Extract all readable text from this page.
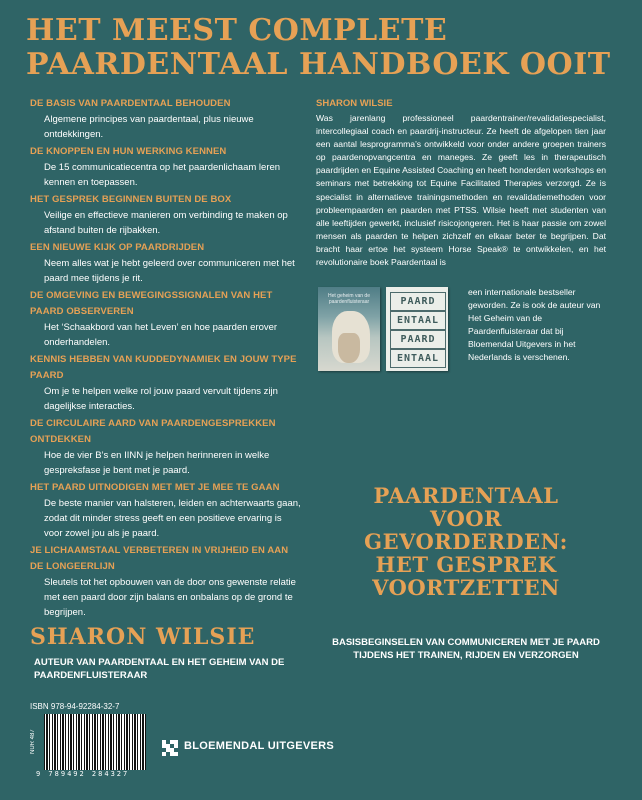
HET MEEST COMPLETE
PAARDENTAAL HANDBOEK OOIT
DE BASIS VAN PAARDENTAAL BEHOUDEN

Algemene principes van paardentaal, plus nieuwe ontdekkingen.

DE KNOPPEN EN HUN WERKING KENNEN

De 15 communicatiecentra op het paardenlichaam leren kennen en toepassen.

HET GESPREK BEGINNEN BUITEN DE BOX

Veilige en effectieve manieren om verbinding te maken op afstand buiten de rijbakken.

EEN NIEUWE KIJK OP PAARDRIJDEN

Neem alles wat je hebt geleerd over communiceren met het paard mee tijdens je rit.

DE OMGEVING EN BEWEGINGSSIGNALEN VAN HET PAARD OBSERVEREN

Het ‘Schaakbord van het Leven’ en hoe paarden erover onderhandelen.

KENNIS HEBBEN VAN KUDDEDYNAMIEK EN JOUW TYPE PAARD

Om je te helpen welke rol jouw paard vervult tijdens zijn dagelijkse interacties.

DE CIRCULAIRE AARD VAN PAARDENGESPREKKEN ONTDEKKEN

Hoe de vier B’s en IINN je helpen herinneren in welke gespreksfase je bent met je paard.

HET PAARD UITNODIGEN MET MET JE MEE TE GAAN

De beste manier van halsteren, leiden en achterwaarts gaan, zodat dit minder stress geeft en een positieve ervaring is voor zowel jou als je paard.

JE LICHAAMSTAAL VERBETEREN IN VRIJHEID EN AAN DE LONGEERLIJN

Sleutels tot het opbouwen van de door ons gewenste relatie met een paard door zijn balans en onbalans op de grond te begrijpen.

SHARON WILSIE

AUTEUR VAN PAARDENTAAL EN HET GEHEIM VAN DE PAARDENFLUISTERAAR

SHARON WILSIE

Was jarenlang professioneel paardentrainer/revalidatiespecialist, intercollegiaal coach en paardrij-instructeur. Ze heeft de afgelopen tien jaar een aantal lesprogramma’s ontwikkeld voor onder andere groepen trainers op paardenopvangcentra en maneges. Ze geeft les in therapeutisch paardrijden en Equine Assisted Coaching en heeft honderden workshops en seminars met betrekking tot Equine Facilitated Therapies verzorgd. Ze is specialist in alternatieve trainingsmethoden en revalidatiemethoden voor probleempaarden en paarden met PTSS. Wilsie heeft met studenten van alle leeftijden gewerkt, inclusief risicojongeren. Het is haar passie om zowel mensen als paarden te helpen zichzelf en elkaar beter te begrijpen. Dat bracht haar ertoe het systeem Horse Speak® te ontwikkelen, en het revolutionaire boek Paardentaal is

een internationale bestseller geworden. Ze is ook de auteur van Het Geheim van de Paardenfluisteraar dat bij Bloemendal Uitgevers in het Nederlands is verschenen.

Het geheim van de paardenfluisteraar	PAARD
ENTAAL
PAARD
ENTAAL
PAARDENTAAL
VOOR
GEVORDERDEN:
HET GESPREK
VOORTZETTEN

BASISBEGINSELEN VAN COMMUNICEREN MET JE PAARD TIJDENS HET TRAINEN, RIJDEN EN VERZORGEN

ISBN 978-94-92284-32-7

NUR 487
9 789492 284327

BLOEMENDAL UITGEVERS
